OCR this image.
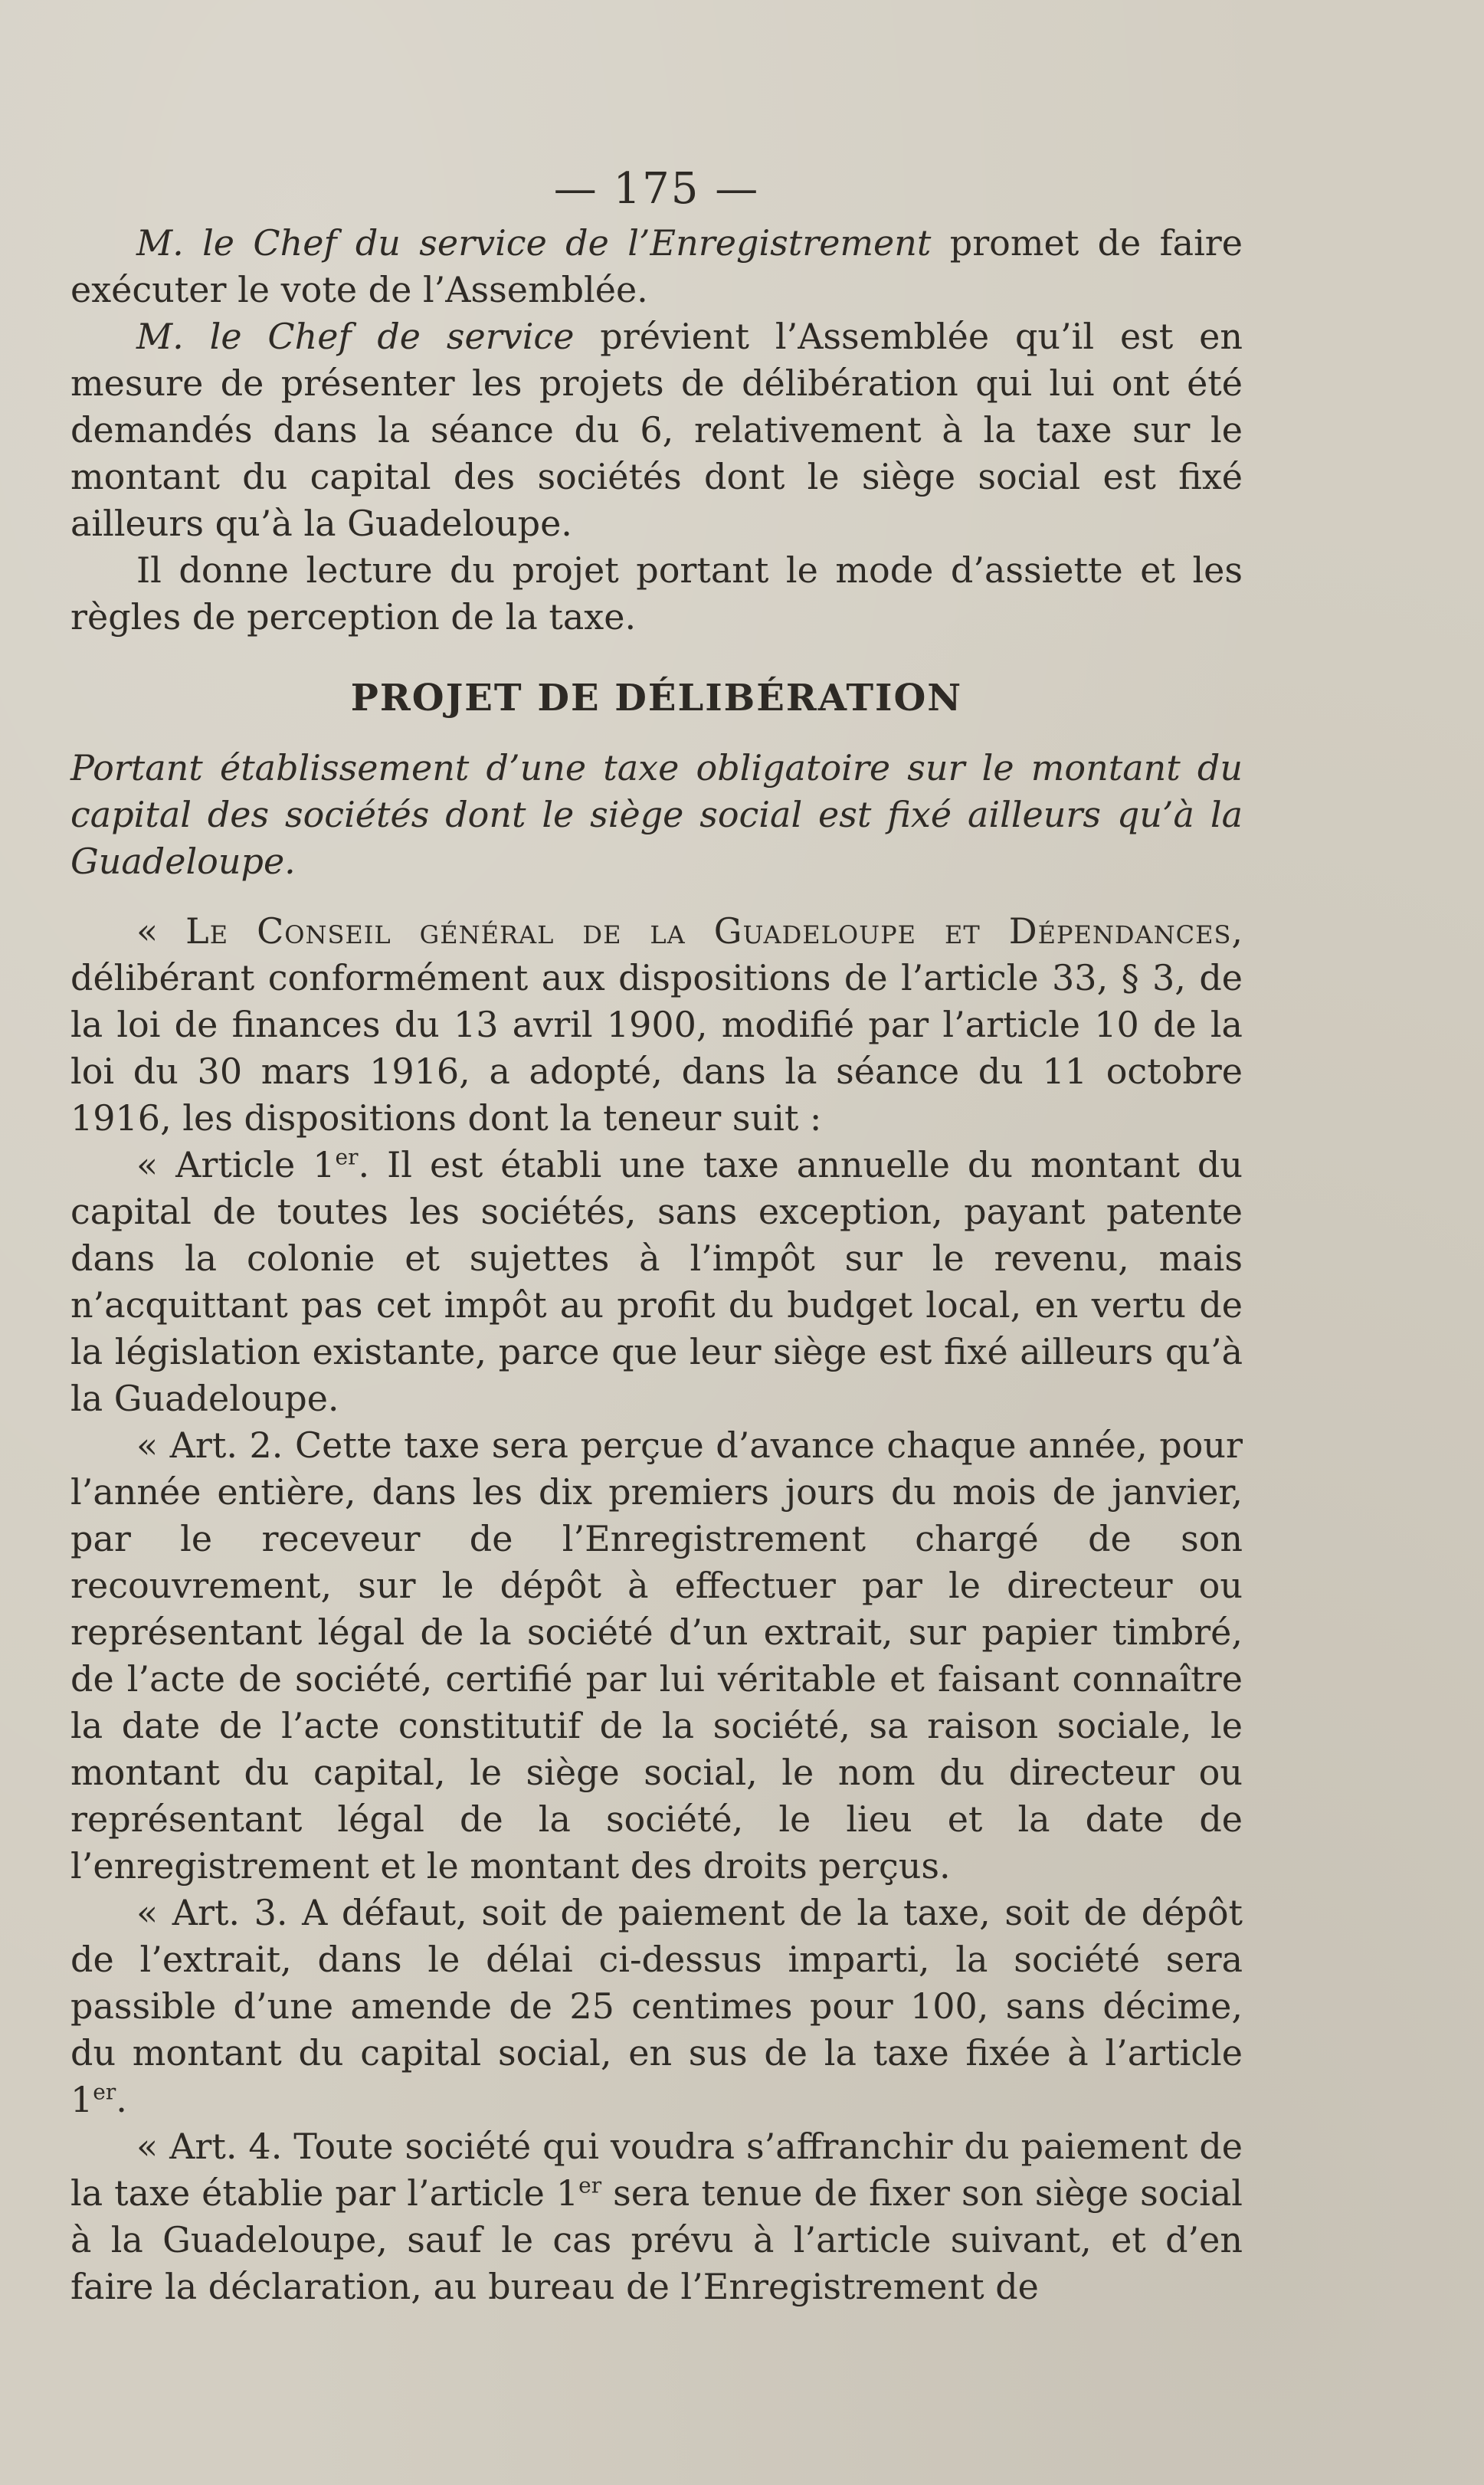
— 175 —

M. le Chef du service de l’Enregistrement promet de faire exécuter le vote de l’Assemblée.

M. le Chef de service prévient l’Assemblée qu’il est en mesure de présenter les projets de délibération qui lui ont été demandés dans la séance du 6, relativement à la taxe sur le montant du capital des sociétés dont le siège social est fixé ailleurs qu’à la Guadeloupe.

Il donne lecture du projet portant le mode d’assiette et les règles de perception de la taxe.

PROJET DE DÉLIBÉRATION

Portant établissement d’une taxe obligatoire sur le montant du capital des sociétés dont le siège social est fixé ailleurs qu’à la Guadeloupe.

« Le Conseil général de la Guadeloupe et Dépendances, délibérant conformément aux dispositions de l’article 33, § 3, de la loi de finances du 13 avril 1900, modifié par l’article 10 de la loi du 30 mars 1916, a adopté, dans la séance du 11 octobre 1916, les dispositions dont la teneur suit :

« Article 1er. Il est établi une taxe annuelle du montant du capital de toutes les sociétés, sans exception, payant patente dans la colonie et sujettes à l’impôt sur le revenu, mais n’acquittant pas cet impôt au profit du budget local, en vertu de la législation existante, parce que leur siège est fixé ailleurs qu’à la Guadeloupe.

« Art. 2. Cette taxe sera perçue d’avance chaque année, pour l’année entière, dans les dix premiers jours du mois de janvier, par le receveur de l’Enregistrement chargé de son recouvrement, sur le dépôt à effectuer par le directeur ou représentant légal de la société d’un extrait, sur papier timbré, de l’acte de société, certifié par lui véritable et faisant connaître la date de l’acte constitutif de la société, sa raison sociale, le montant du capital, le siège social, le nom du directeur ou représentant légal de la société, le lieu et la date de l’enregistrement et le montant des droits perçus.

« Art. 3. A défaut, soit de paiement de la taxe, soit de dépôt de l’extrait, dans le délai ci-dessus imparti, la société sera passible d’une amende de 25 centimes pour 100, sans décime, du montant du capital social, en sus de la taxe fixée à l’article 1er.

« Art. 4. Toute société qui voudra s’affranchir du paiement de la taxe établie par l’article 1er sera tenue de fixer son siège social à la Guadeloupe, sauf le cas prévu à l’article suivant, et d’en faire la déclaration, au bureau de l’Enregistrement de
